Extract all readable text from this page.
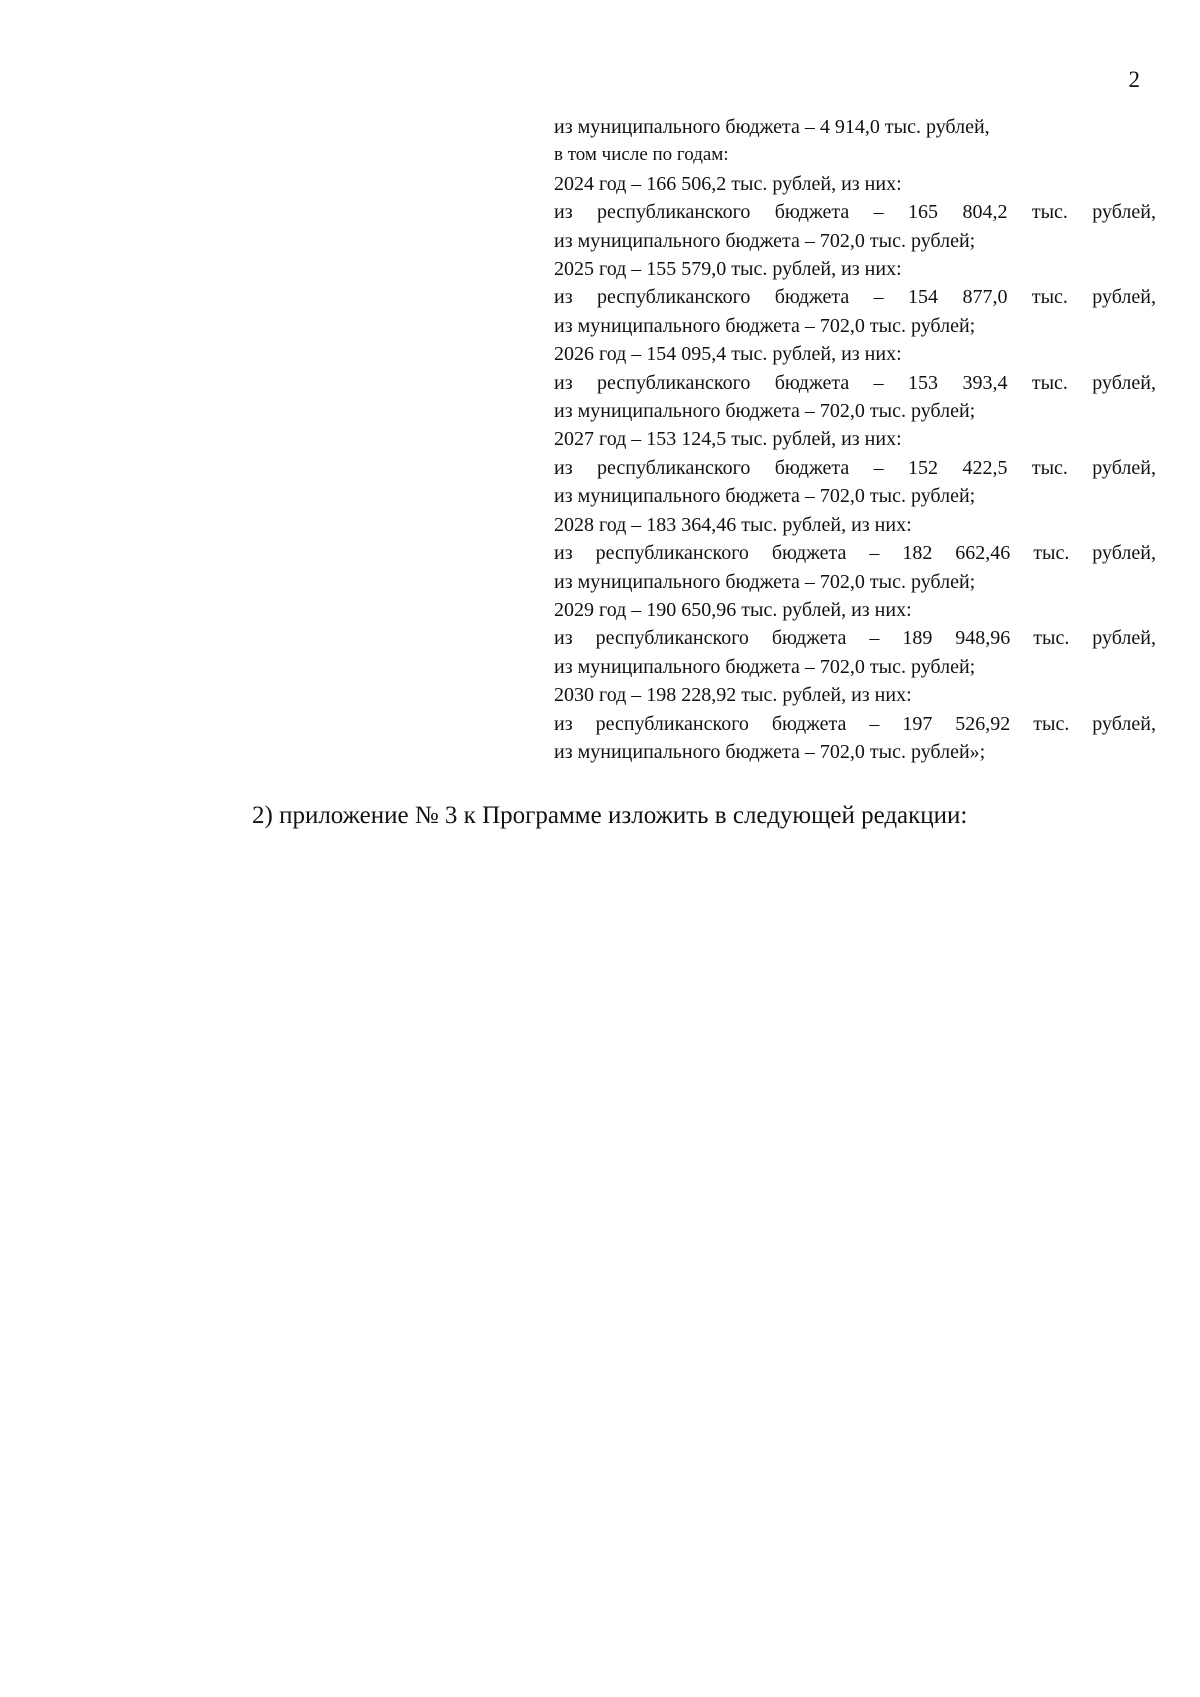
2
из муниципального бюджета – 4 914,0 тыс. рублей,
в том числе по годам:
2024 год – 166 506,2 тыс. рублей, из них:
из республиканского бюджета – 165 804,2 тыс. рублей,
из муниципального бюджета – 702,0 тыс. рублей;
2025 год – 155 579,0 тыс. рублей, из них:
из республиканского бюджета – 154 877,0 тыс. рублей,
из муниципального бюджета – 702,0 тыс. рублей;
2026 год – 154 095,4 тыс. рублей, из них:
из республиканского бюджета – 153 393,4 тыс. рублей,
из муниципального бюджета – 702,0 тыс. рублей;
2027 год – 153 124,5 тыс. рублей, из них:
из республиканского бюджета – 152 422,5 тыс. рублей,
из муниципального бюджета – 702,0 тыс. рублей;
2028 год – 183 364,46 тыс. рублей, из них:
из республиканского бюджета – 182 662,46 тыс. рублей,
из муниципального бюджета – 702,0 тыс. рублей;
2029 год – 190 650,96 тыс. рублей, из них:
из республиканского бюджета – 189 948,96 тыс. рублей,
из муниципального бюджета – 702,0 тыс. рублей;
2030 год – 198 228,92 тыс. рублей, из них:
из республиканского бюджета – 197 526,92 тыс. рублей,
из муниципального бюджета – 702,0 тыс. рублей»;
2) приложение № 3 к Программе изложить в следующей редакции:
